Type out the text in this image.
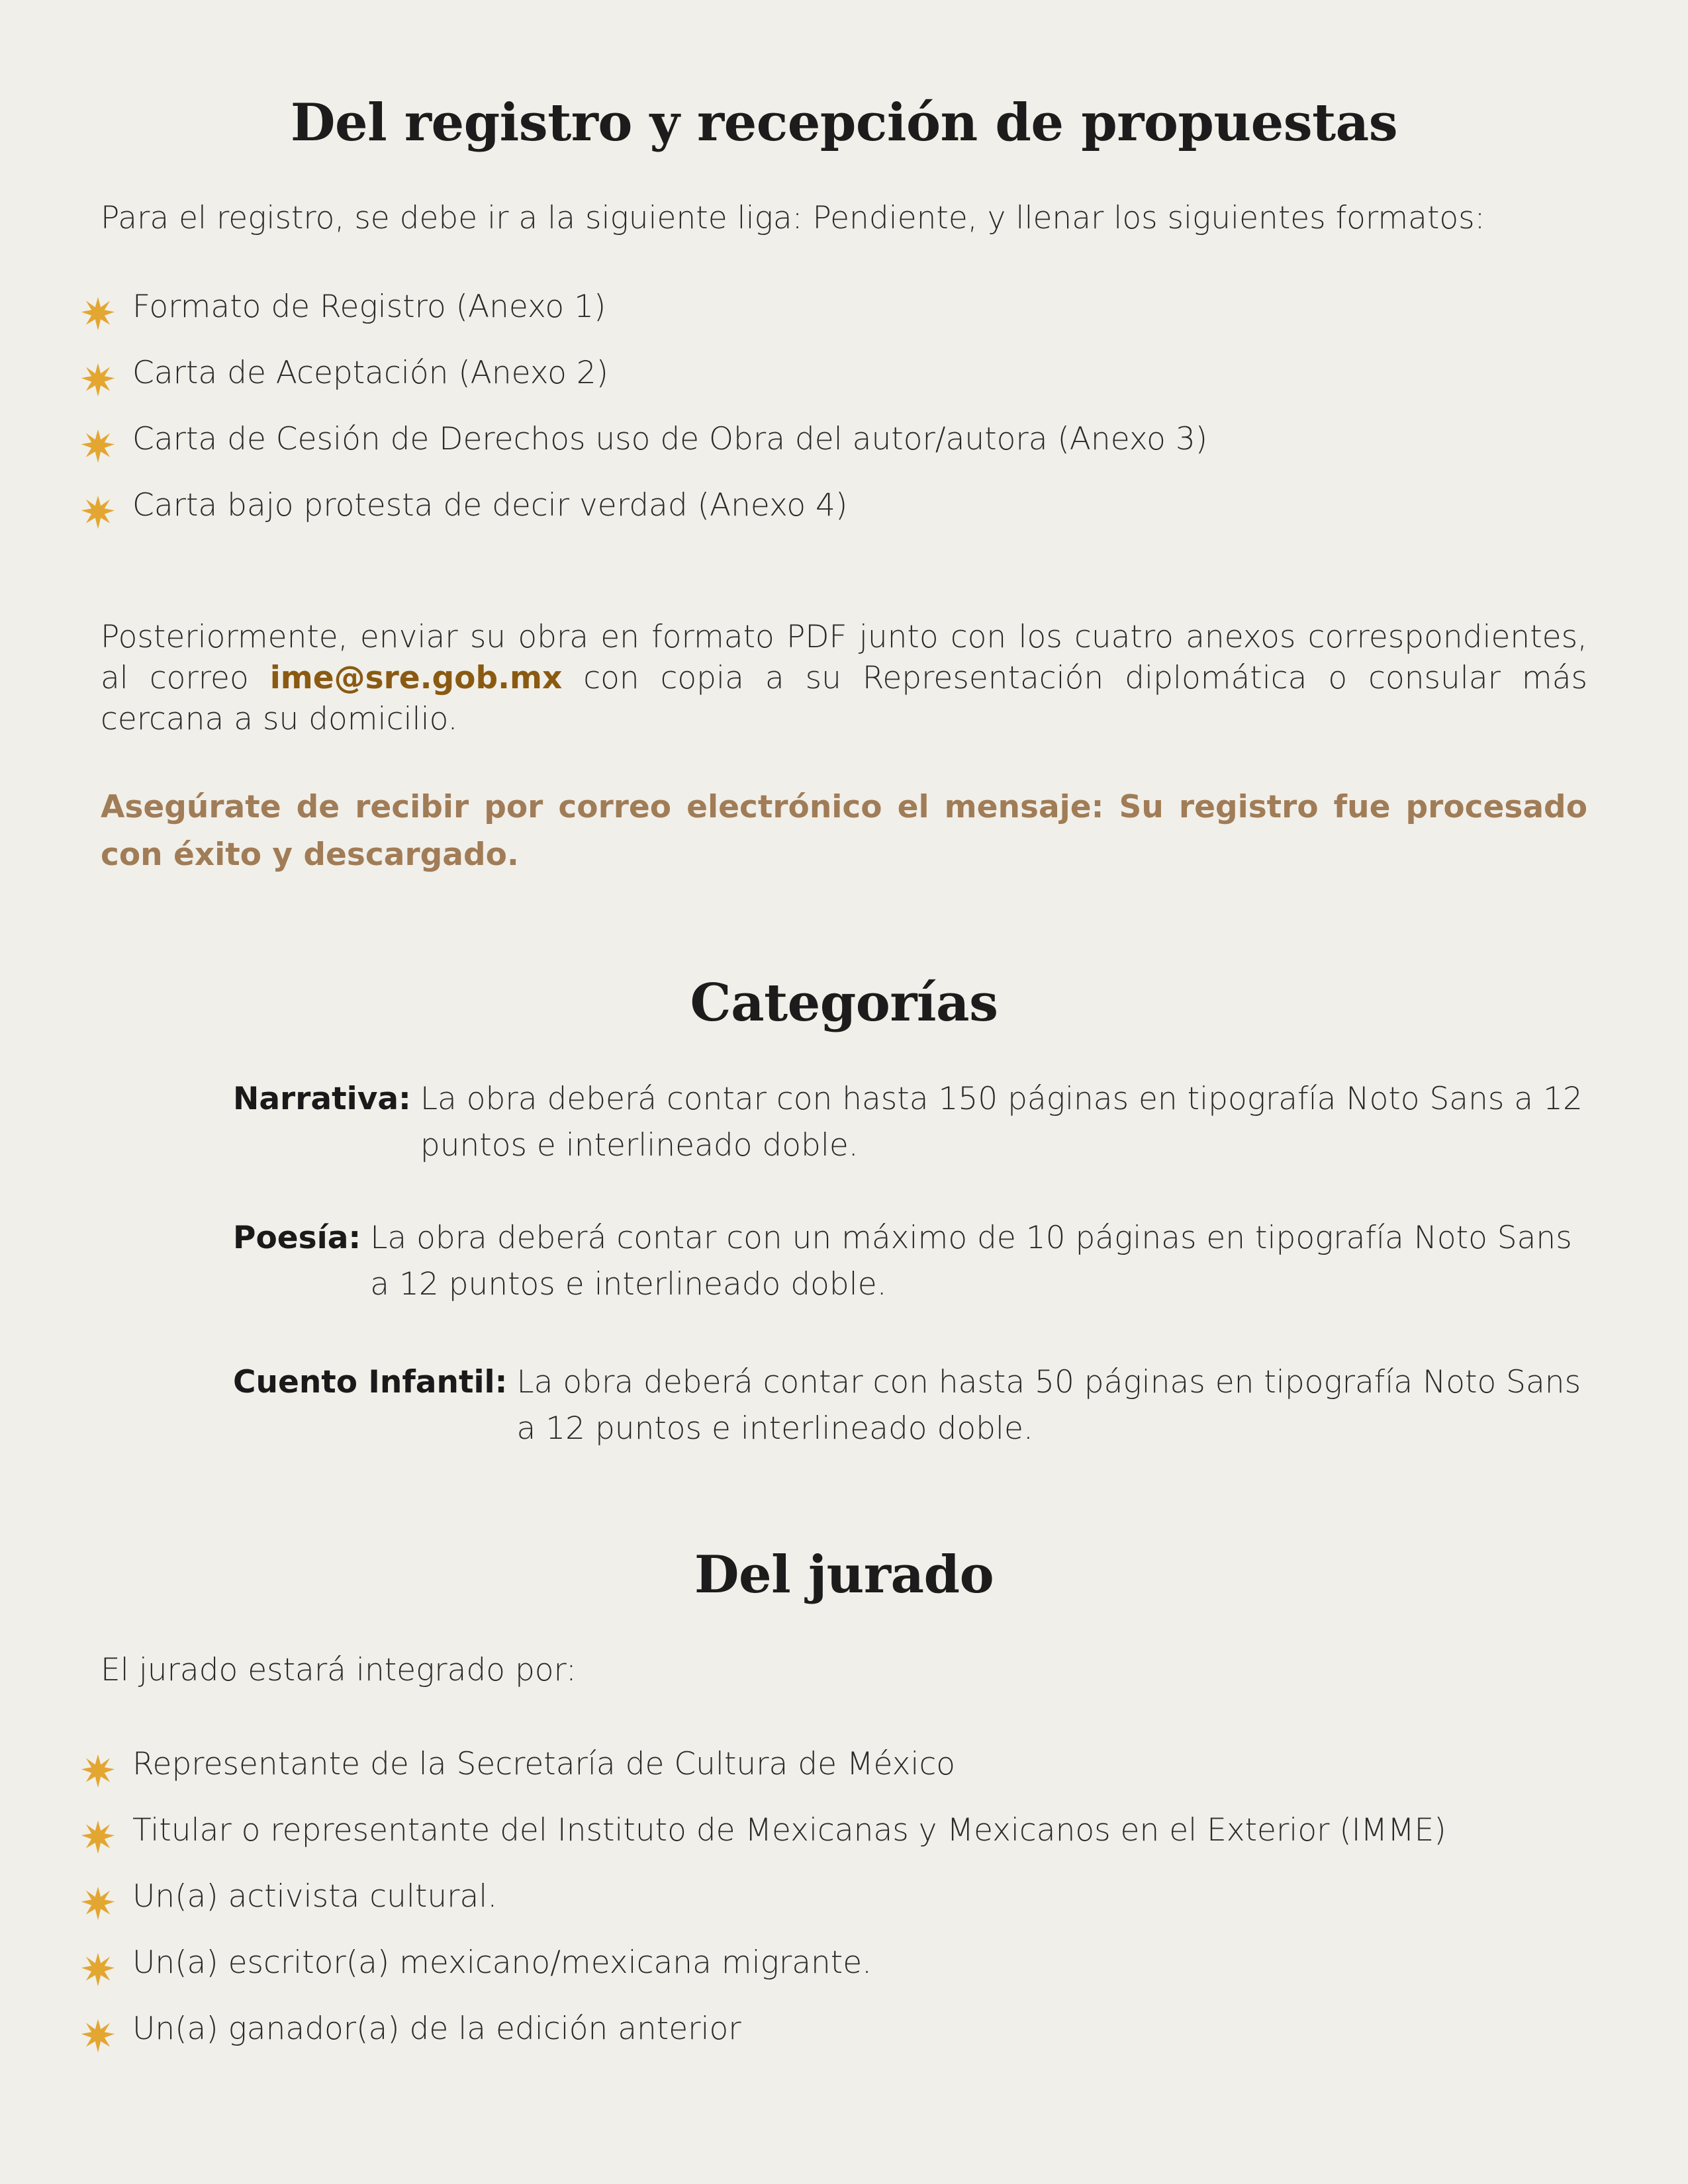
Del registro y recepción de propuestas

Para el registro, se debe ir a la siguiente liga: Pendiente, y llenar los siguientes formatos:

Formato de Registro (Anexo 1)
Carta de Aceptación (Anexo 2)
Carta de Cesión de Derechos uso de Obra del autor/autora (Anexo 3)
Carta bajo protesta de decir verdad (Anexo 4)

Posteriormente, enviar su obra en formato PDF junto con los cuatro anexos correspondientes, al correo ime@sre.gob.mx con copia a su Representación diplomática o consular más cercana a su domicilio.

Asegúrate de recibir por correo electrónico el mensaje: Su registro fue procesado con éxito y descargado.

Categorías
Narrativa: La obra deberá contar con hasta 150 páginas en tipografía Noto Sans a 12 puntos e interlineado doble.
Poesía: La obra deberá contar con un máximo de 10 páginas en tipografía Noto Sans a 12 puntos e interlineado doble.
Cuento Infantil: La obra deberá contar con hasta 50 páginas en tipografía Noto Sans a 12 puntos e interlineado doble.
Del jurado

El jurado estará integrado por:

Representante de la Secretaría de Cultura de México
Titular o representante del Instituto de Mexicanas y Mexicanos en el Exterior (IMME)
Un(a) activista cultural.
Un(a) escritor(a) mexicano/mexicana migrante.
Un(a) ganador(a) de la edición anterior
